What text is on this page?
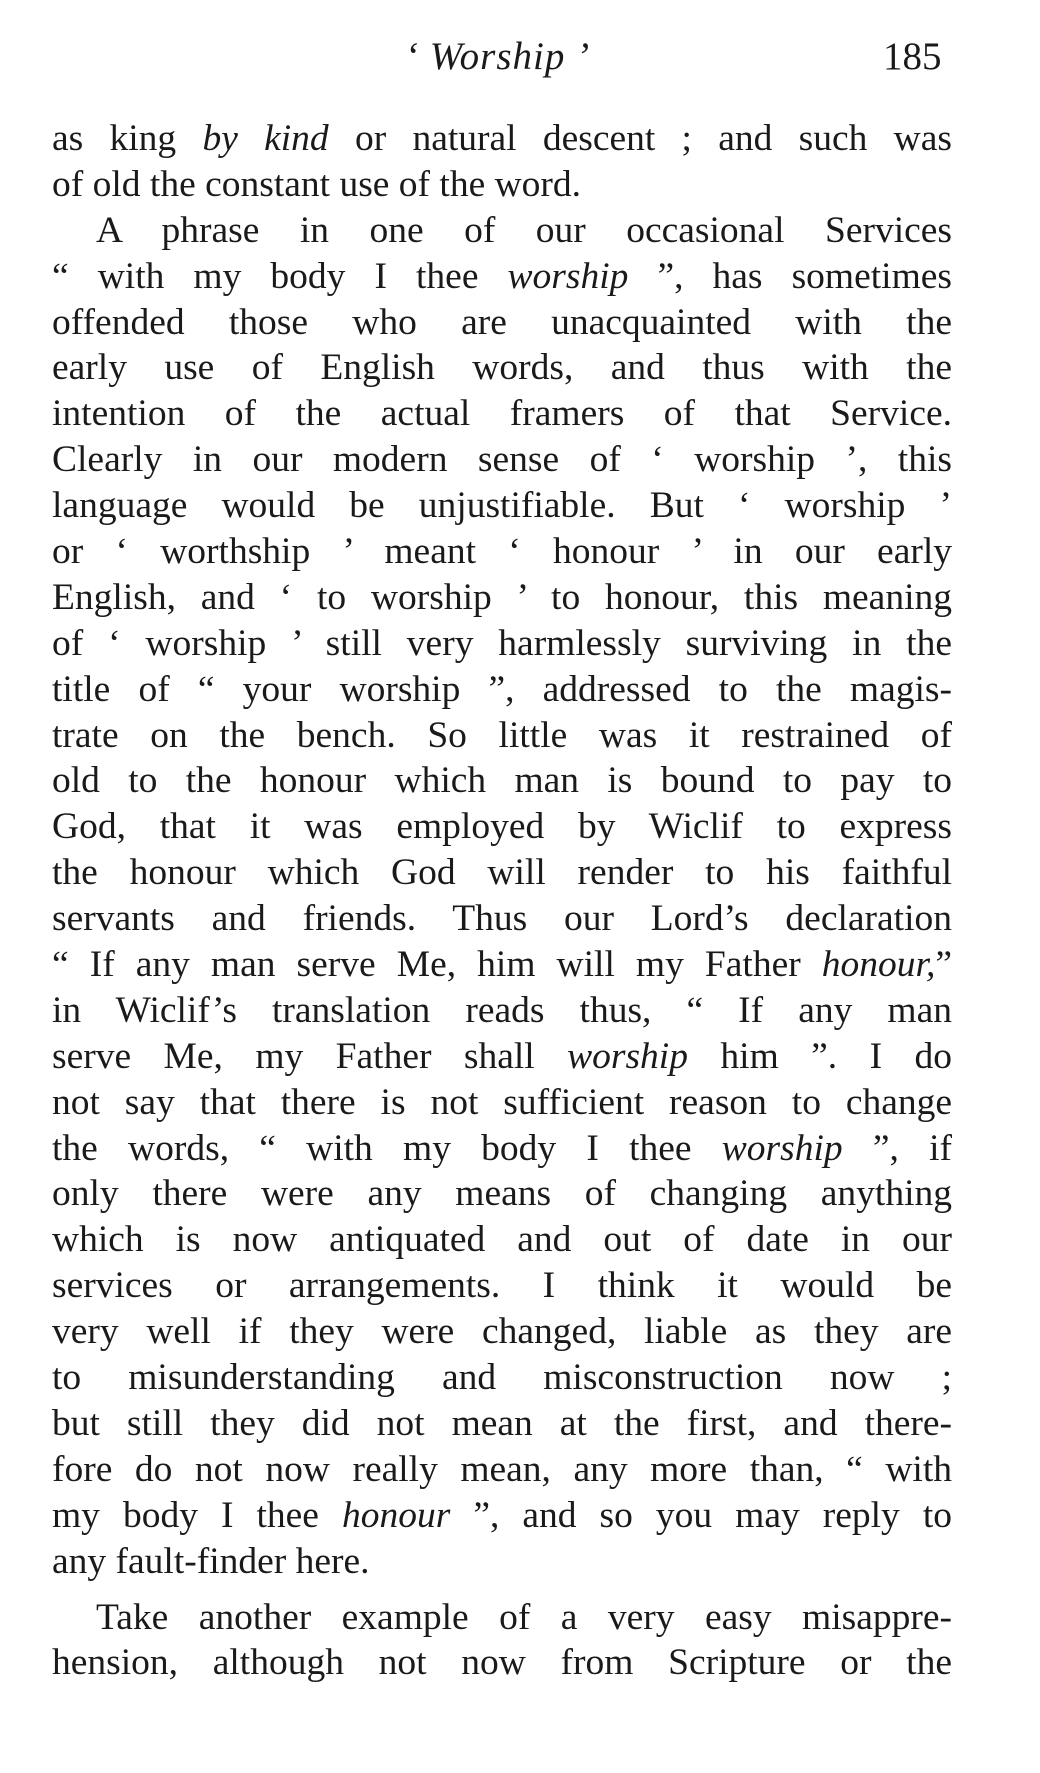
‘ Worship ’	185
as king by kind or natural descent ; and such was
of old the constant use of the word.
A phrase in one of our occasional Services
“ with my body I thee worship ”, has sometimes
offended those who are unacquainted with the
early use of English words, and thus with the
intention of the actual framers of that Service.
Clearly in our modern sense of ‘ worship ’, this
language would be unjustifiable. But ‘ worship ’
or ‘ worthship ’ meant ‘ honour ’ in our early
English, and ‘ to worship ’ to honour, this meaning
of ‘ worship ’ still very harmlessly surviving in the
title of “ your worship ”, addressed to the magis-
trate on the bench. So little was it restrained of
old to the honour which man is bound to pay to
God, that it was employed by Wiclif to express
the honour which God will render to his faithful
servants and friends. Thus our Lord’s declaration
“ If any man serve Me, him will my Father honour,”
in Wiclif’s translation reads thus, “ If any man
serve Me, my Father shall worship him ”. I do
not say that there is not sufficient reason to change
the words, “ with my body I thee worship ”, if
only there were any means of changing anything
which is now antiquated and out of date in our
services or arrangements. I think it would be
very well if they were changed, liable as they are
to misunderstanding and misconstruction now ;
but still they did not mean at the first, and there-
fore do not now really mean, any more than, “ with
my body I thee honour ”, and so you may reply to
any fault-finder here.
Take another example of a very easy misappre-
hension, although not now from Scripture or the
